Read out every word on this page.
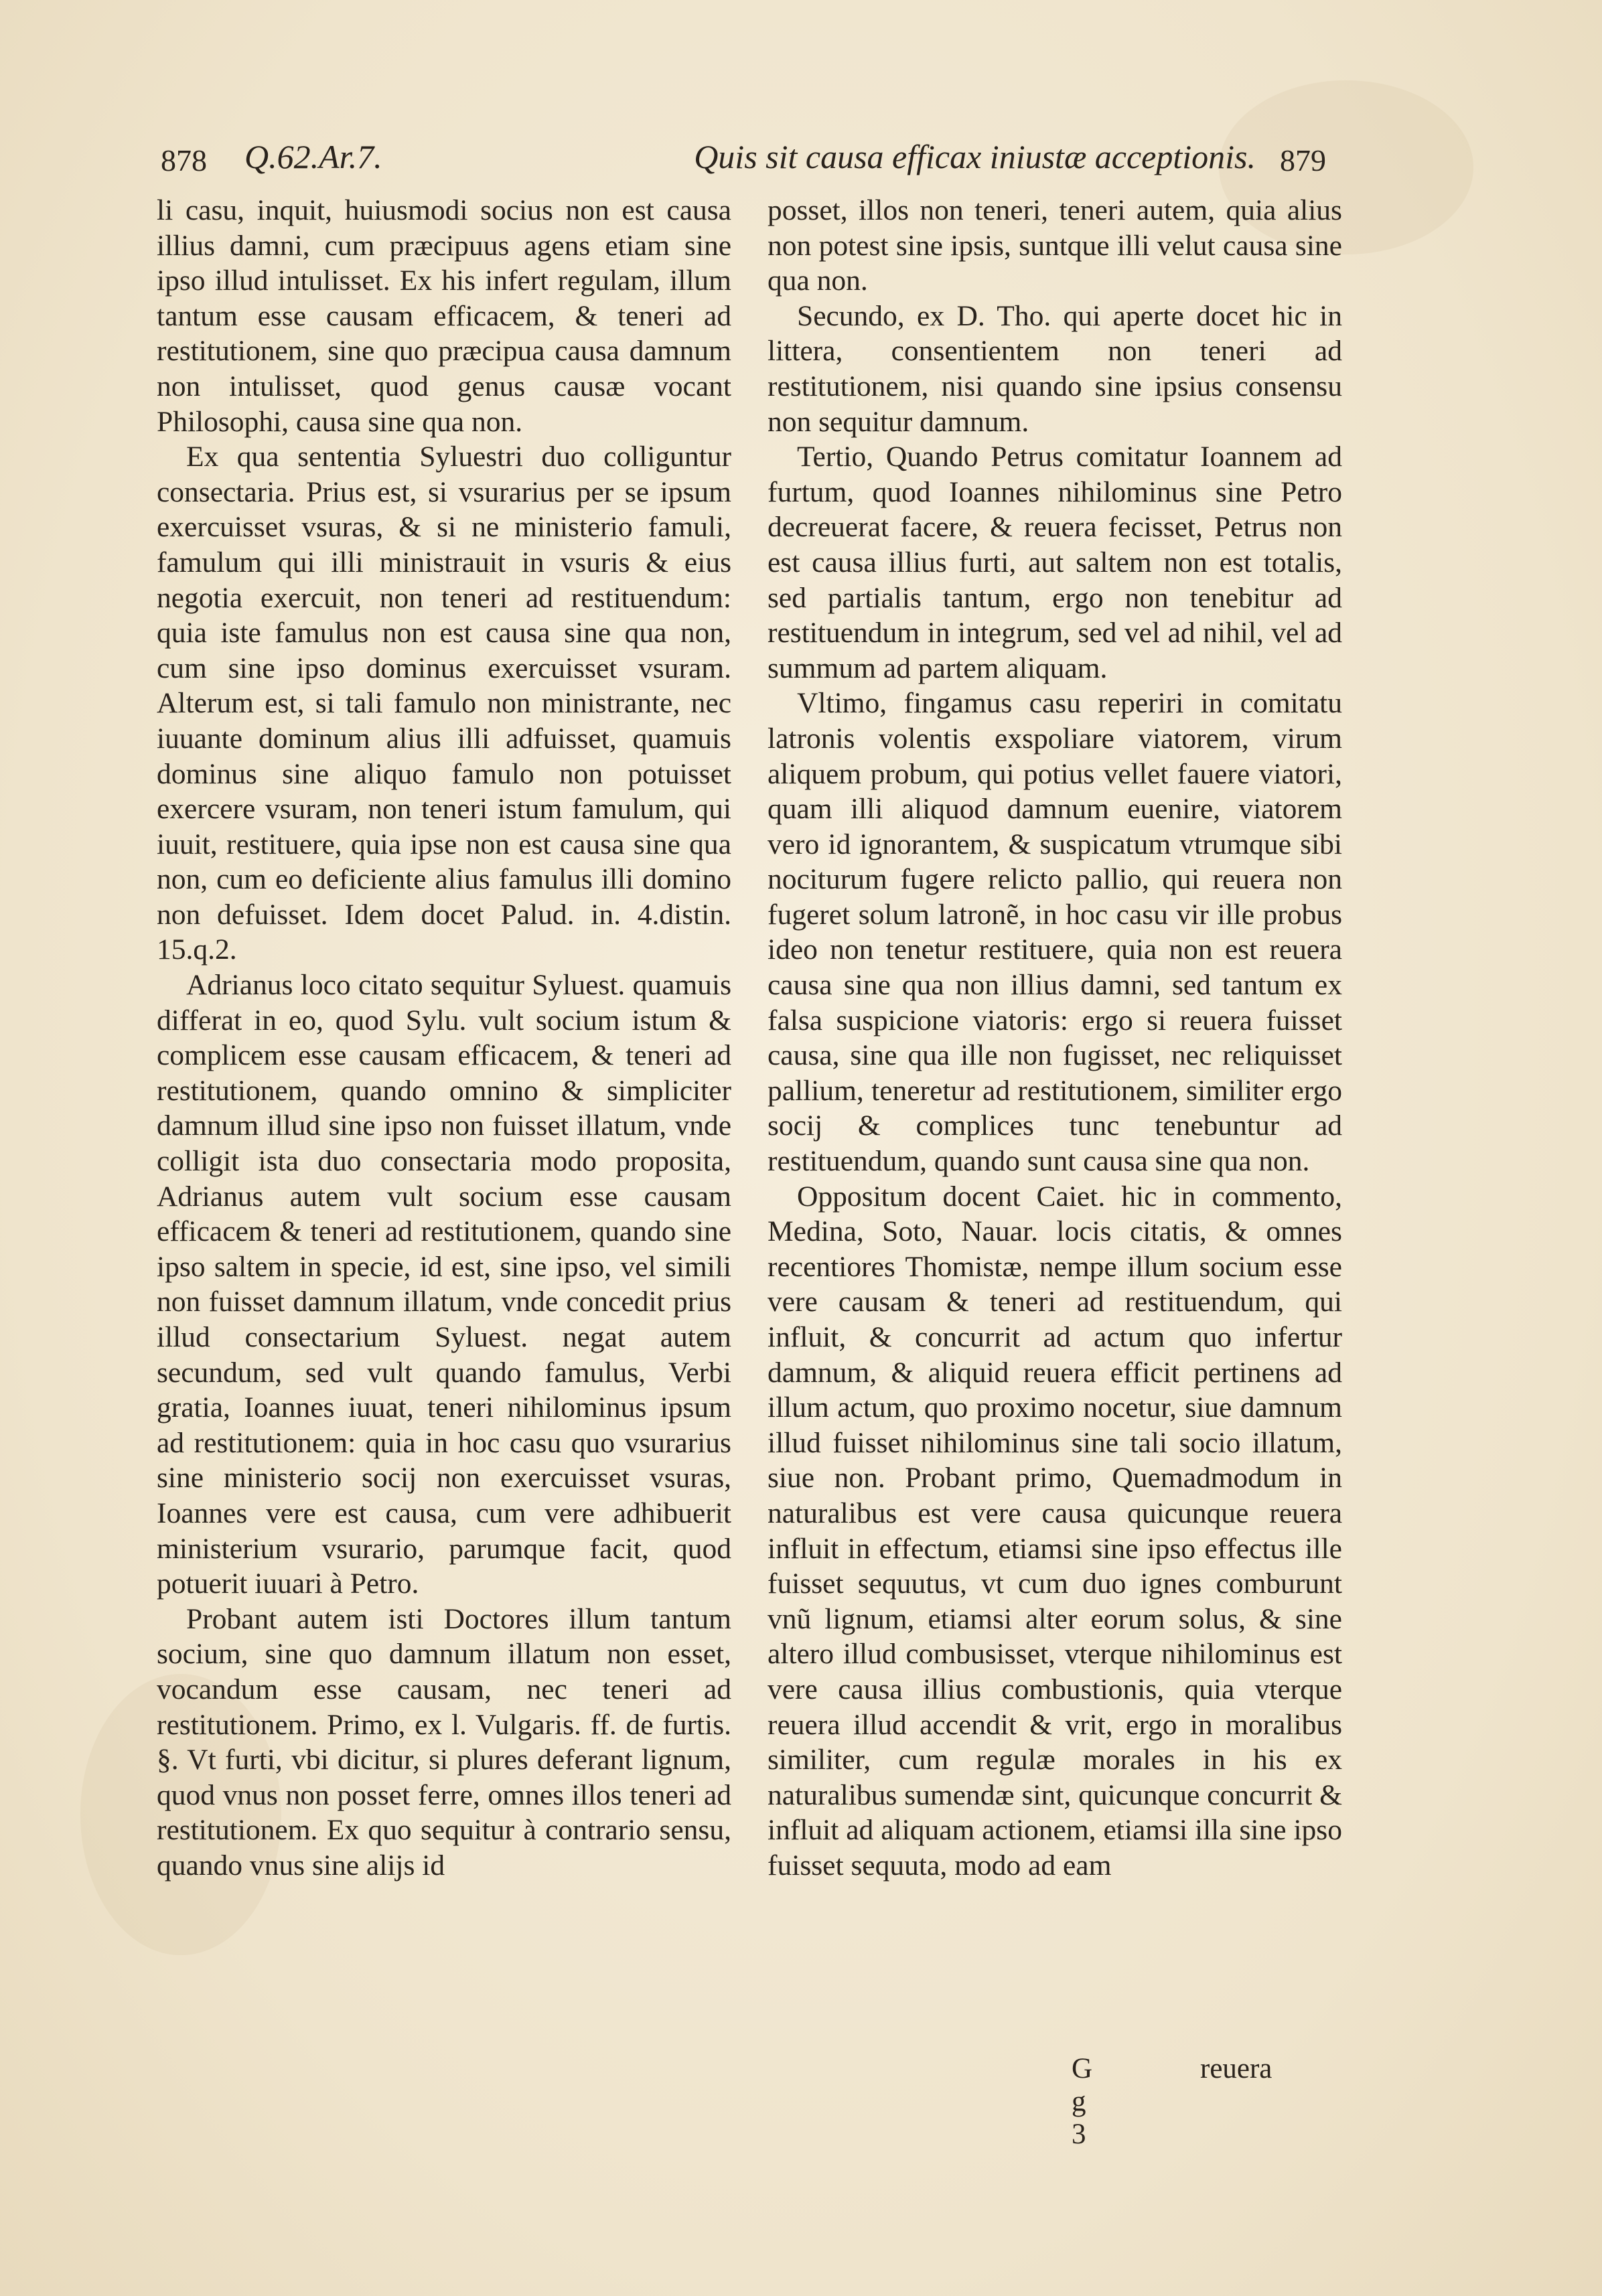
878 Q.62.Ar.7.	Quis sit causa efficax iniustæ acceptionis. 879

li casu, inquit, huiusmodi socius non est causa illius damni, cum præcipuus agens etiam sine ipso illud intulisset. Ex his infert regulam, illum tantum esse causam efficacem, & teneri ad restitutionem, sine quo præcipua causa damnum non intulisset, quod genus causæ vocant Philosophi, causa sine qua non.

Ex qua sententia Syluestri duo colliguntur consectaria. Prius est, si vsurarius per se ipsum exercuisset vsuras, & si ne ministerio famuli, famulum qui illi ministrauit in vsuris & eius negotia exercuit, non teneri ad restituendum: quia iste famulus non est causa sine qua non, cum sine ipso dominus exercuisset vsuram. Alterum est, si tali famulo non ministrante, nec iuuante dominum alius illi adfuisset, quamuis dominus sine aliquo famulo non potuisset exercere vsuram, non teneri istum famulum, qui iuuit, restituere, quia ipse non est causa sine qua non, cum eo deficiente alius famulus illi domino non defuisset. Idem docet Palud. in. 4.distin. 15.q.2.

Adrianus loco citato sequitur Syluest. quamuis differat in eo, quod Sylu. vult socium istum & complicem esse causam efficacem, & teneri ad restitutionem, quando omnino & simpliciter damnum illud sine ipso non fuisset illatum, vnde colligit ista duo consectaria modo proposita, Adrianus autem vult socium esse causam efficacem & teneri ad restitutionem, quando sine ipso saltem in specie, id est, sine ipso, vel simili non fuisset damnum illatum, vnde concedit prius illud consectarium Syluest. negat autem secundum, sed vult quando famulus, Verbi gratia, Ioannes iuuat, teneri nihilominus ipsum ad restitutionem: quia in hoc casu quo vsurarius sine ministerio socij non exercuisset vsuras, Ioannes vere est causa, cum vere adhibuerit ministerium vsurario, parumque facit, quod potuerit iuuari à Petro.

Probant autem isti Doctores illum tantum socium, sine quo damnum illatum non esset, vocandum esse causam, nec teneri ad restitutionem. Primo, ex l. Vulgaris. ff. de furtis. §. Vt furti, vbi dicitur, si plures deferant lignum, quod vnus non posset ferre, omnes illos teneri ad restitutionem. Ex quo sequitur à contrario sensu, quando vnus sine alijs id

posset, illos non teneri, teneri autem, quia alius non potest sine ipsis, suntque illi velut causa sine qua non.

Secundo, ex D. Tho. qui aperte docet hic in littera, consentientem non teneri ad restitutionem, nisi quando sine ipsius consensu non sequitur damnum.

Tertio, Quando Petrus comitatur Ioannem ad furtum, quod Ioannes nihilominus sine Petro decreuerat facere, & reuera fecisset, Petrus non est causa illius furti, aut saltem non est totalis, sed partialis tantum, ergo non tenebitur ad restituendum in integrum, sed vel ad nihil, vel ad summum ad partem aliquam.

Vltimo, fingamus casu reperiri in comitatu latronis volentis exspoliare viatorem, virum aliquem probum, qui potius vellet fauere viatori, quam illi aliquod damnum euenire, viatorem vero id ignorantem, & suspicatum vtrumque sibi nociturum fugere relicto pallio, qui reuera non fugeret solum latronẽ, in hoc casu vir ille probus ideo non tenetur restituere, quia non est reuera causa sine qua non illius damni, sed tantum ex falsa suspicione viatoris: ergo si reuera fuisset causa, sine qua ille non fugisset, nec reliquisset pallium, teneretur ad restitutionem, similiter ergo socij & complices tunc tenebuntur ad restituendum, quando sunt causa sine qua non.

Oppositum docent Caiet. hic in commento, Medina, Soto, Nauar. locis citatis, & omnes recentiores Thomistæ, nempe illum socium esse vere causam & teneri ad restituendum, qui influit, & concurrit ad actum quo infertur damnum, & aliquid reuera efficit pertinens ad illum actum, quo proximo nocetur, siue damnum illud fuisset nihilominus sine tali socio illatum, siue non. Probant primo, Quemadmodum in naturalibus est vere causa quicunque reuera influit in effectum, etiamsi sine ipso effectus ille fuisset sequutus, vt cum duo ignes comburunt vnũ lignum, etiamsi alter eorum solus, & sine altero illud combusisset, vterque nihilominus est vere causa illius combustionis, quia vterque reuera illud accendit & vrit, ergo in moralibus similiter, cum regulæ morales in his ex naturalibus sumendæ sint, quicunque concurrit & influit ad aliquam actionem, etiamsi illa sine ipso fuisset sequuta, modo ad eam

G g 3
reuera
